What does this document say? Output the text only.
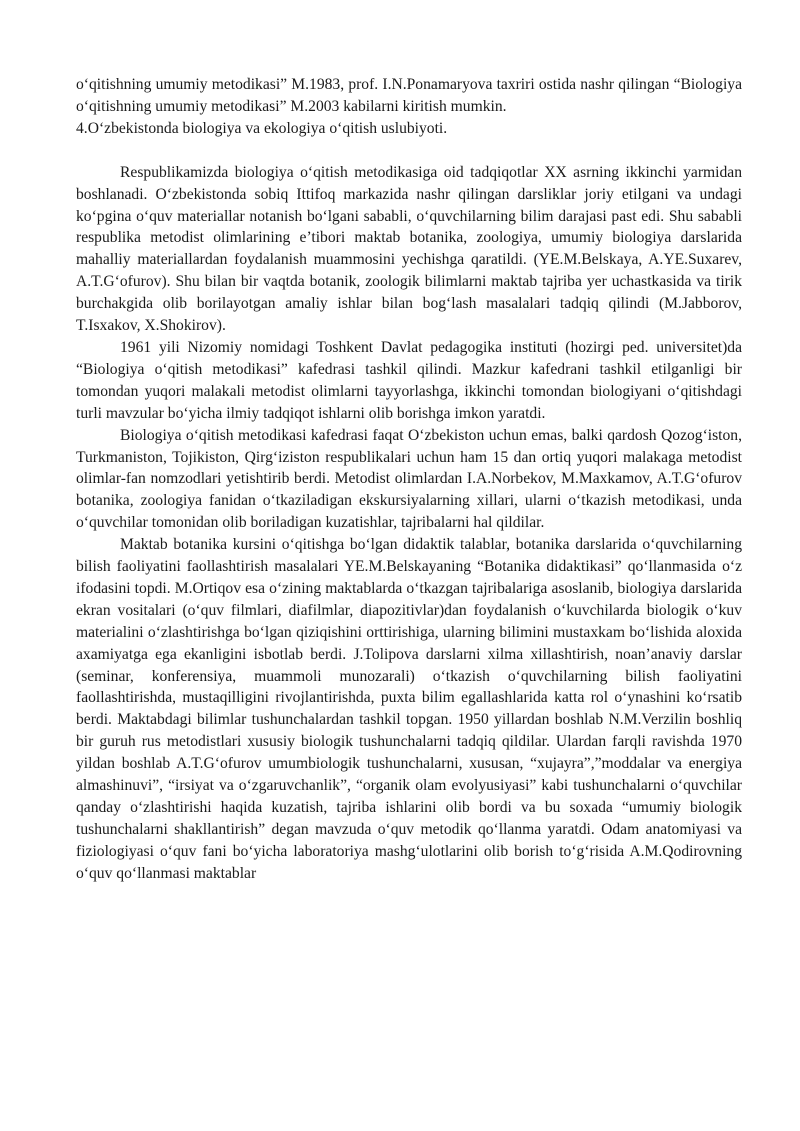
o‘qitishning umumiy metodikasi” M.1983, prof. I.N.Ponamaryova taxriri ostida nashr qilingan “Biologiya o‘qitishning umumiy metodikasi” M.2003 kabilarni kiritish mumkin.

4.O‘zbekistonda biologiya va ekologiya o‘qitish uslubiyoti.

Respublikamizda biologiya o‘qitish metodikasiga oid tadqiqotlar XX asrning ikkinchi yarmidan boshlanadi. O‘zbekistonda sobiq Ittifoq markazida nashr qilingan darsliklar joriy etilgani va undagi ko‘pgina o‘quv materiallar notanish bo‘lgani sababli, o‘quvchilarning bilim darajasi past edi. Shu sababli respublika metodist olimlarining e’tibori maktab botanika, zoologiya, umumiy biologiya darslarida mahalliy materiallardan foydalanish muammosini yechishga qaratildi. (YE.M.Belskaya, A.YE.Suxarev, A.T.G‘ofurov). Shu bilan bir vaqtda botanik, zoologik bilimlarni maktab tajriba yer uchastkasida va tirik burchakgida olib borilayotgan amaliy ishlar bilan bog‘lash masalalari tadqiq qilindi (M.Jabborov, T.Isxakov, X.Shokirov).

1961 yili Nizomiy nomidagi Toshkent Davlat pedagogika instituti (hozirgi ped. universitet)da “Biologiya o‘qitish metodikasi” kafedrasi tashkil qilindi. Mazkur kafedrani tashkil etilganligi bir tomondan yuqori malakali metodist olimlarni tayyorlashga, ikkinchi tomondan biologiyani o‘qitishdagi turli mavzular bo‘yicha ilmiy tadqiqot ishlarni olib borishga imkon yaratdi.

Biologiya o‘qitish metodikasi kafedrasi faqat O‘zbekiston uchun emas, balki qardosh Qozog‘iston, Turkmaniston, Tojikiston, Qirg‘iziston respublikalari uchun ham 15 dan ortiq yuqori malakaga metodist olimlar-fan nomzodlari yetishtirib berdi. Metodist olimlardan I.A.Norbekov, M.Maxkamov, A.T.G‘ofurov botanika, zoologiya fanidan o‘tkaziladigan ekskursiyalarning xillari, ularni o‘tkazish metodikasi, unda o‘quvchilar tomonidan olib boriladigan kuzatishlar, tajribalarni hal qildilar.

Maktab botanika kursini o‘qitishga bo‘lgan didaktik talablar, botanika darslarida o‘quvchilarning bilish faoliyatini faollashtirish masalalari YE.M.Belskayaning “Botanika didaktikasi” qo‘llanmasida o‘z ifodasini topdi. M.Ortiqov esa o‘zining maktablarda o‘tkazgan tajribalariga asoslanib, biologiya darslarida ekran vositalari (o‘quv filmlari, diafilmlar, diapozitivlar)dan foydalanish o‘kuvchilarda biologik o‘kuv materialini o‘zlashtirishga bo‘lgan qiziqishini orttirishiga, ularning bilimini mustaxkam bo‘lishida aloxida axamiyatga ega ekanligini isbotlab berdi. J.Tolipova darslarni xilma xillashtirish, noan’anaviy darslar (seminar, konferensiya, muammoli munozarali) o‘tkazish o‘quvchilarning bilish faoliyatini faollashtirishda, mustaqilligini rivojlantirishda, puxta bilim egallashlarida katta rol o‘ynashini ko‘rsatib berdi. Maktabdagi bilimlar tushunchalardan tashkil topgan. 1950 yillardan boshlab N.M.Verzilin boshliq bir guruh rus metodistlari xususiy biologik tushunchalarni tadqiq qildilar. Ulardan farqli ravishda 1970 yildan boshlab A.T.G‘ofurov umumbiologik tushunchalarni, xususan, “xujayra”,”moddalar va energiya almashinuvi”, “irsiyat va o‘zgaruvchanlik”, “organik olam evolyusiyasi” kabi tushunchalarni o‘quvchilar qanday o‘zlashtirishi haqida kuzatish, tajriba ishlarini olib bordi va bu soxada “umumiy biologik tushunchalarni shakllantirish” degan mavzuda o‘quv metodik qo‘llanma yaratdi. Odam anatomiyasi va fiziologiyasi o‘quv fani bo‘yicha laboratoriya mashg‘ulotlarini olib borish to‘g‘risida A.M.Qodirovning o‘quv qo‘llanmasi maktablar
